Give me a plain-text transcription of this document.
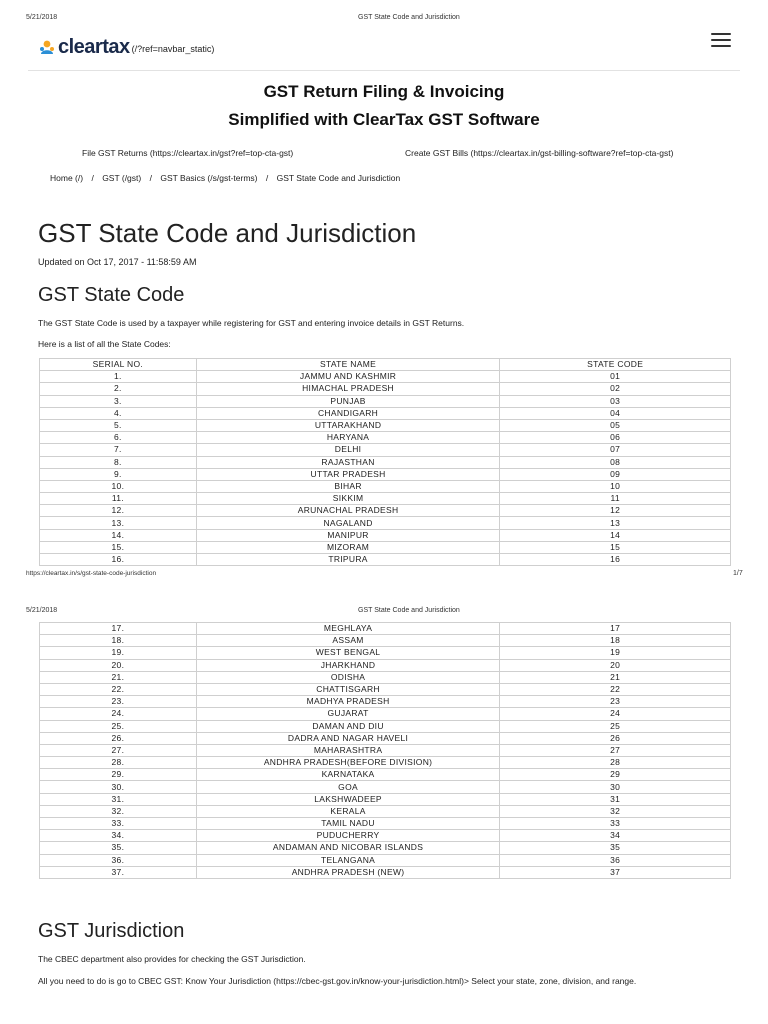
5/21/2018	GST State Code and Jurisdiction
cleartax (/?ref=navbar_static)
GST Return Filing & Invoicing
Simplified with ClearTax GST Software
File GST Returns (https://cleartax.in/gst?ref=top-cta-gst)	Create GST Bills (https://cleartax.in/gst-billing-software?ref=top-cta-gst)
Home (/) / GST (/gst) / GST Basics (/s/gst-terms) / GST State Code and Jurisdiction
GST State Code and Jurisdiction
Updated on Oct 17, 2017 - 11:58:59 AM
GST State Code
The GST State Code is used by a taxpayer while registering for GST and entering invoice details in GST Returns.
Here is a list of all the State Codes:
SERIAL NO.	STATE NAME	STATE CODE
1.	JAMMU AND KASHMIR	01
2.	HIMACHAL PRADESH	02
3.	PUNJAB	03
4.	CHANDIGARH	04
5.	UTTARAKHAND	05
6.	HARYANA	06
7.	DELHI	07
8.	RAJASTHAN	08
9.	UTTAR PRADESH	09
10.	BIHAR	10
11.	SIKKIM	11
12.	ARUNACHAL PRADESH	12
13.	NAGALAND	13
14.	MANIPUR	14
15.	MIZORAM	15
16.	TRIPURA	16
https://cleartax.in/s/gst-state-code-jurisdiction	1/7
5/21/2018	GST State Code and Jurisdiction
17.	MEGHLAYA	17
18.	ASSAM	18
19.	WEST BENGAL	19
20.	JHARKHAND	20
21.	ODISHA	21
22.	CHATTISGARH	22
23.	MADHYA PRADESH	23
24.	GUJARAT	24
25.	DAMAN AND DIU	25
26.	DADRA AND NAGAR HAVELI	26
27.	MAHARASHTRA	27
28.	ANDHRA PRADESH(BEFORE DIVISION)	28
29.	KARNATAKA	29
30.	GOA	30
31.	LAKSHWADEEP	31
32.	KERALA	32
33.	TAMIL NADU	33
34.	PUDUCHERRY	34
35.	ANDAMAN AND NICOBAR ISLANDS	35
36.	TELANGANA	36
37.	ANDHRA PRADESH (NEW)	37
GST Jurisdiction
The CBEC department also provides for checking the GST Jurisdiction.
All you need to do is go to CBEC GST: Know Your Jurisdiction (https://cbec-gst.gov.in/know-your-jurisdiction.html)> Select your state, zone, division, and range.
